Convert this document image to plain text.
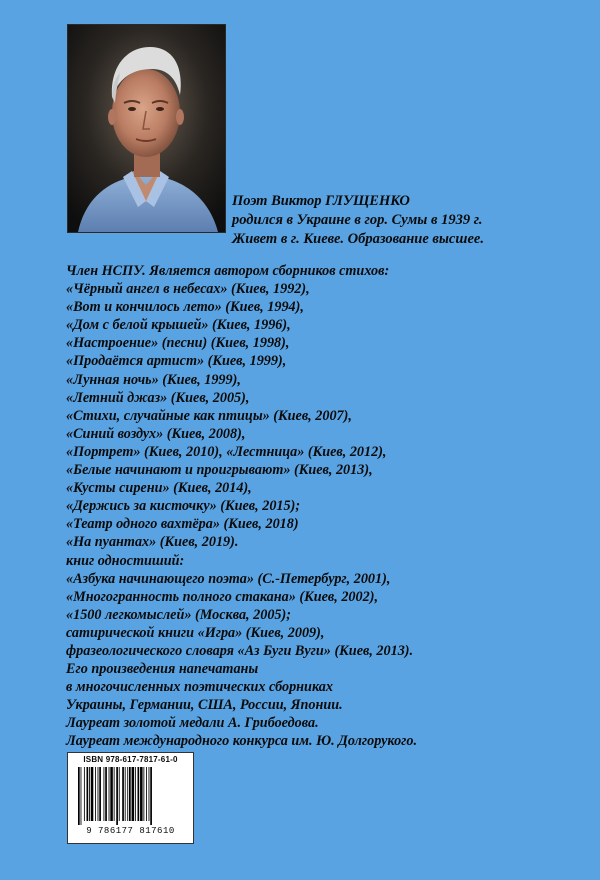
Поэт Виктор ГЛУЩЕНКО
родился в Украине в гор. Сумы в 1939 г.
Живет в г. Киеве. Образование высшее.
Член НСПУ. Является автором сборников стихов:
«Чёрный ангел в небесах» (Киев, 1992),
«Вот и кончилось лето» (Киев, 1994),
«Дом с белой крышей» (Киев, 1996),
«Настроение» (песни) (Киев, 1998),
«Продаётся артист» (Киев, 1999),
«Лунная ночь» (Киев, 1999),
«Летний джаз» (Киев, 2005),
«Стихи, случайные как птицы» (Киев, 2007),
«Синий воздух» (Киев, 2008),
«Портрет» (Киев, 2010), «Лестница» (Киев, 2012),
«Белые начинают и проигрывают» (Киев, 2013),
«Кусты сирени» (Киев, 2014),
«Держись за кисточку» (Киев, 2015);
«Театр одного вахтёра» (Киев, 2018)
«На пуантах» (Киев, 2019).
книг одностиший:
«Азбука начинающего поэта» (С.-Петербург, 2001),
«Многогранность полного стакана» (Киев, 2002),
«1500 легкомыслей» (Москва, 2005);
сатирической книги «Игра» (Киев, 2009),
фразеологического словаря «Аз Буги Вуги» (Киев, 2013).
Его произведения напечатаны
в многочисленных поэтических сборниках
Украины, Германии, США, России, Японии.
Лауреат золотой медали А. Грибоедова.
Лауреат международного конкурса им. Ю. Долгорукого.
ISBN 978-617-7817-61-0
9 786177 817610
